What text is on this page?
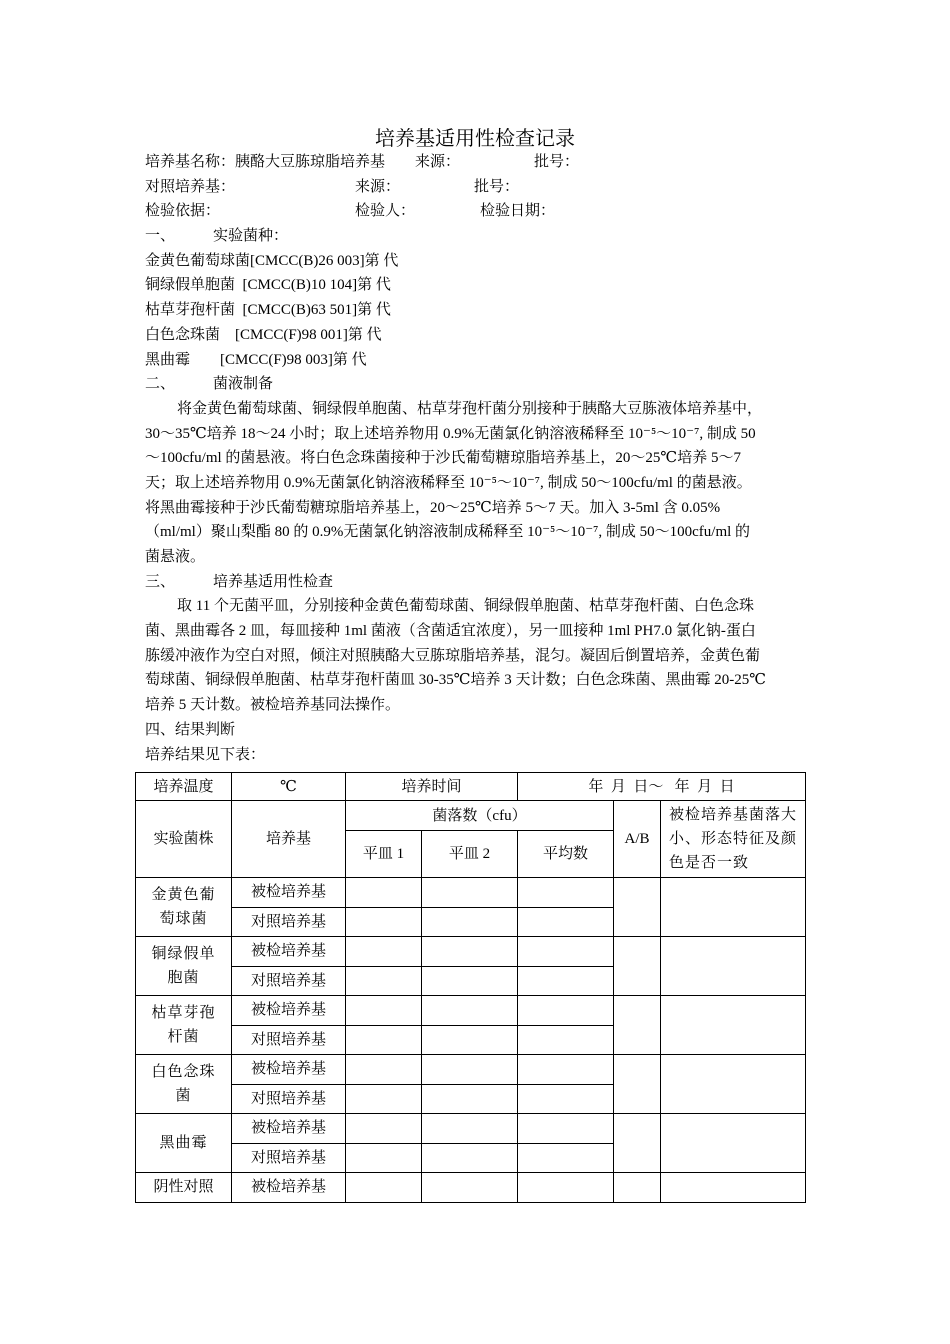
培养基适用性检查记录
培养基名称：胰酪大豆胨琼脂培养基 来源：	批号：
对照培养基：	来源：	批号：
检验依据：	检验人：	检验日期：
一、	实验菌种：
金黄色葡萄球菌[CMCC(B)26 003]第 代
铜绿假单胞菌  [CMCC(B)10 104]第 代
枯草芽孢杆菌  [CMCC(B)63 501]第 代
白色念珠菌    [CMCC(F)98 001]第 代
黑曲霉        [CMCC(F)98 003]第 代
二、	菌液制备
将金黄色葡萄球菌、铜绿假单胞菌、枯草芽孢杆菌分别接种于胰酪大豆胨液体培养基中，
30～35℃培养 18～24 小时；取上述培养物用 0.9%无菌氯化钠溶液稀释至 10⁻⁵～10⁻⁷, 制成 50
～100cfu/ml 的菌悬液。将白色念珠菌接种于沙氏葡萄糖琼脂培养基上，20～25℃培养 5～7
天；取上述培养物用 0.9%无菌氯化钠溶液稀释至 10⁻⁵～10⁻⁷, 制成 50～100cfu/ml 的菌悬液。
将黑曲霉接种于沙氏葡萄糖琼脂培养基上，20～25℃培养 5～7 天。加入 3-5ml 含 0.05%
（ml/ml）聚山梨酯 80 的 0.9%无菌氯化钠溶液制成稀释至 10⁻⁵～10⁻⁷, 制成 50～100cfu/ml 的
菌悬液。
三、	培养基适用性检查
取 11 个无菌平皿，分别接种金黄色葡萄球菌、铜绿假单胞菌、枯草芽孢杆菌、白色念珠
菌、黑曲霉各 2 皿，每皿接种 1ml 菌液（含菌适宜浓度），另一皿接种 1ml PH7.0 氯化钠-蛋白
胨缓冲液作为空白对照，倾注对照胰酪大豆胨琼脂培养基，混匀。凝固后倒置培养，金黄色葡
萄球菌、铜绿假单胞菌、枯草芽孢杆菌皿 30-35℃培养 3 天计数；白色念珠菌、黑曲霉 20-25℃
培养 5 天计数。被检培养基同法操作。
四、结果判断
培养结果见下表：
培养温度	℃	培养时间		年  月  日～   年  月  日		
实验菌株	培养基	菌落数（cfu）			A/B	被检培养基菌落大小、形态特征及颜色是否一致
		平皿 1	平皿 2	平均数		
金黄色葡萄球菌	被检培养基					
	对照培养基					
铜绿假单胞菌	被检培养基					
	对照培养基					
枯草芽孢杆菌	被检培养基					
	对照培养基					
白色念珠菌	被检培养基					
	对照培养基					
黑曲霉	被检培养基					
	对照培养基					
阴性对照	被检培养基					
